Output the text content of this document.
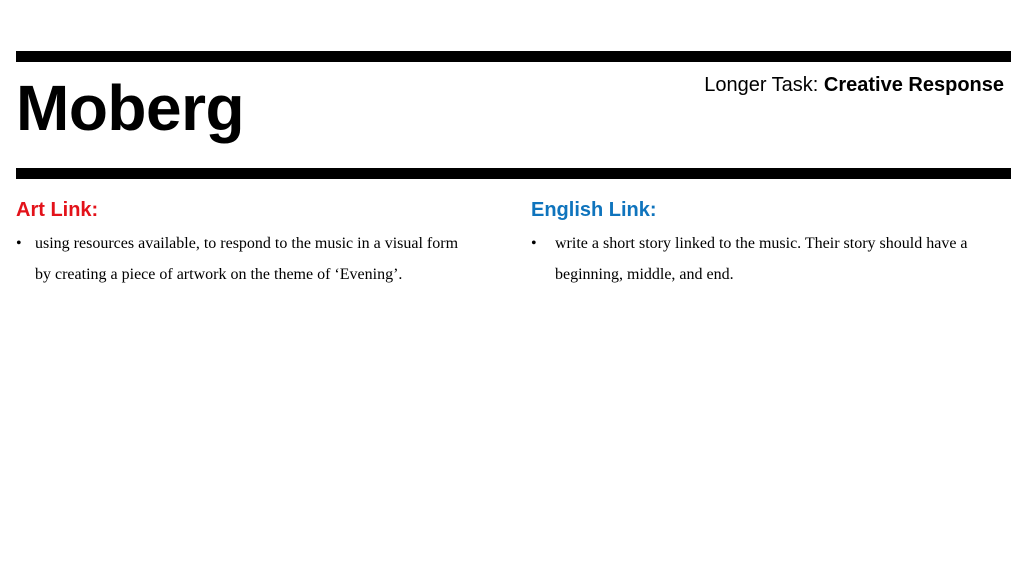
Moberg	Longer Task: Creative Response
Art Link:
• using resources available, to respond to the music in a visual form by creating a piece of artwork on the theme of ‘Evening’.
English Link:
• write a short story linked to the music. Their story should have a beginning, middle, and end.
